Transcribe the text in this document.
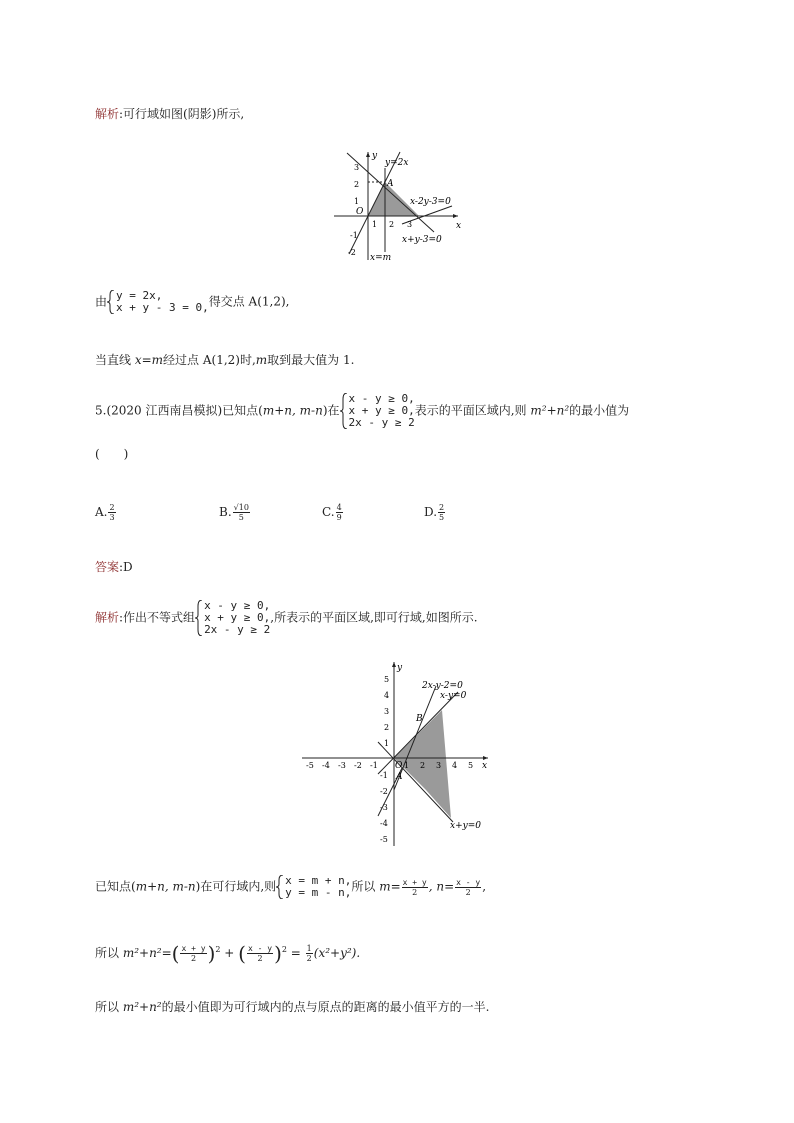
解析:可行域如图(阴影)所示,
y
x
O
3
2
1
-1
-2
1 2 3
y=2x
x-2y-3=0
x+y-3=0
x=m
A
由 y = 2x,
x + y - 3 = 0, 得交点 A(1,2),
当直线 x=m经过点 A(1,2)时,m取到最大值为 1.
5.(2020 江西南昌模拟)已知点(m+n, m-n)在
x - y ≥ 0,
x + y ≥ 0,
2x - y ≥ 2
表示的平面区域内,则 m²+n²的最小值为
(　　)
A. $\frac{2}{3}$	B. $\frac{√10}{5}$	C. $\frac{4}{9}$	D. $\frac{2}{5}$
答案:D
解析:作出不等式组
x - y ≥ 0,
x + y ≥ 0,
2x - y ≥ 2
,所表示的平面区域,即可行域,如图所示.
5
4
3
2
1
-1
-2
-3
-4
-5
-5 -4 -3 -2 -1	1 2 3 4 5
y
x
O
2x-y-2=0
x-y=0
x+y=0
B
A
已知点(m+n, m-n)在可行域内,则 x = m + n,
y = m - n, 所以 $m= \frac{x + y}{2}$ , $n= \frac{x - y}{2}$ ,
所以 $m^2+n^2=( \frac{x + y}{2} )^2$ + ( $\frac{x - y}{2} )^2 = \frac{1}{2} (x^2+y^2)$.
所以 m²+n²的最小值即为可行域内的点与原点的距离的最小值平方的一半.
